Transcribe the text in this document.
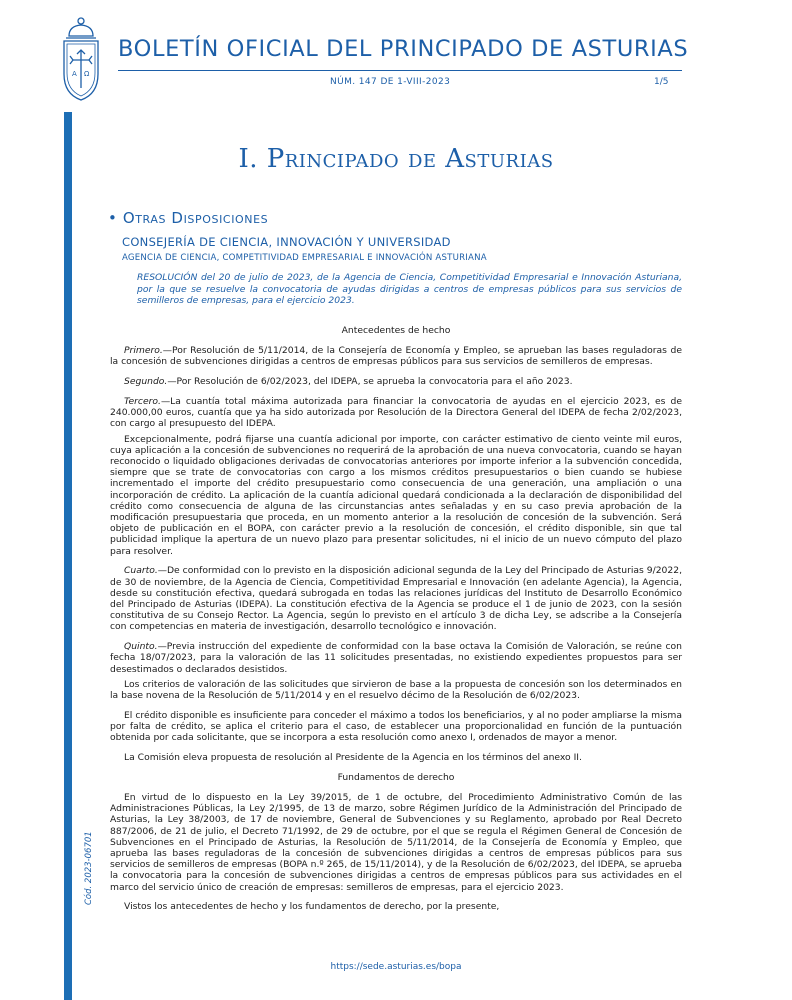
A Ω
Cód. 2023-06701
BOLETÍN OFICIAL DEL PRINCIPADO DE ASTURIAS
NÚM. 147 DE 1-VIII-2023	1/5
I. Principado de Asturias
• Otras Disposiciones
CONSEJERÍA DE CIENCIA, INNOVACIÓN Y UNIVERSIDAD
AGENCIA DE CIENCIA, COMPETITIVIDAD EMPRESARIAL E INNOVACIÓN ASTURIANA
RESOLUCIÓN del 20 de julio de 2023, de la Agencia de Ciencia, Competitividad Empresarial e Innovación Asturiana, por la que se resuelve la convocatoria de ayudas dirigidas a centros de empresas públicos para sus servicios de semilleros de empresas, para el ejercicio 2023.
Antecedentes de hecho

Primero.—Por Resolución de 5/11/2014, de la Consejería de Economía y Empleo, se aprueban las bases reguladoras de la concesión de subvenciones dirigidas a centros de empresas públicos para sus servicios de semilleros de empresas.

Segundo.—Por Resolución de 6/02/2023, del IDEPA, se aprueba la convocatoria para el año 2023.

Tercero.—La cuantía total máxima autorizada para financiar la convocatoria de ayudas en el ejercicio 2023, es de 240.000,00 euros, cuantía que ya ha sido autorizada por Resolución de la Directora General del IDEPA de fecha 2/02/2023, con cargo al presupuesto del IDEPA.

Excepcionalmente, podrá fijarse una cuantía adicional por importe, con carácter estimativo de ciento veinte mil euros, cuya aplicación a la concesión de subvenciones no requerirá de la aprobación de una nueva convocatoria, cuando se hayan reconocido o liquidado obligaciones derivadas de convocatorias anteriores por importe inferior a la subvención concedida, siempre que se trate de convocatorias con cargo a los mismos créditos presupuestarios o bien cuando se hubiese incrementado el importe del crédito presupuestario como consecuencia de una generación, una ampliación o una incorporación de crédito. La aplicación de la cuantía adicional quedará condicionada a la declaración de disponibilidad del crédito como consecuencia de alguna de las circunstancias antes señaladas y en su caso previa aprobación de la modificación presupuestaria que proceda, en un momento anterior a la resolución de concesión de la subvención. Será objeto de publicación en el BOPA, con carácter previo a la resolución de concesión, el crédito disponible, sin que tal publicidad implique la apertura de un nuevo plazo para presentar solicitudes, ni el inicio de un nuevo cómputo del plazo para resolver.

Cuarto.—De conformidad con lo previsto en la disposición adicional segunda de la Ley del Principado de Asturias 9/2022, de 30 de noviembre, de la Agencia de Ciencia, Competitividad Empresarial e Innovación (en adelante Agencia), la Agencia, desde su constitución efectiva, quedará subrogada en todas las relaciones jurídicas del Instituto de Desarrollo Económico del Principado de Asturias (IDEPA). La constitución efectiva de la Agencia se produce el 1 de junio de 2023, con la sesión constitutiva de su Consejo Rector. La Agencia, según lo previsto en el artículo 3 de dicha Ley, se adscribe a la Consejería con competencias en materia de investigación, desarrollo tecnológico e innovación.

Quinto.—Previa instrucción del expediente de conformidad con la base octava la Comisión de Valoración, se reúne con fecha 18/07/2023, para la valoración de las 11 solicitudes presentadas, no existiendo expedientes propuestos para ser desestimados o declarados desistidos.

Los criterios de valoración de las solicitudes que sirvieron de base a la propuesta de concesión son los determinados en la base novena de la Resolución de 5/11/2014 y en el resuelvo décimo de la Resolución de 6/02/2023.

El crédito disponible es insuficiente para conceder el máximo a todos los beneficiarios, y al no poder ampliarse la misma por falta de crédito, se aplica el criterio para el caso, de establecer una proporcionalidad en función de la puntuación obtenida por cada solicitante, que se incorpora a esta resolución como anexo I, ordenados de mayor a menor.

La Comisión eleva propuesta de resolución al Presidente de la Agencia en los términos del anexo II.

Fundamentos de derecho

En virtud de lo dispuesto en la Ley 39/2015, de 1 de octubre, del Procedimiento Administrativo Común de las Administraciones Públicas, la Ley 2/1995, de 13 de marzo, sobre Régimen Jurídico de la Administración del Principado de Asturias, la Ley 38/2003, de 17 de noviembre, General de Subvenciones y su Reglamento, aprobado por Real Decreto 887/2006, de 21 de julio, el Decreto 71/1992, de 29 de octubre, por el que se regula el Régimen General de Concesión de Subvenciones en el Principado de Asturias, la Resolución de 5/11/2014, de la Consejería de Economía y Empleo, que aprueba las bases reguladoras de la concesión de subvenciones dirigidas a centros de empresas públicos para sus servicios de semilleros de empresas (BOPA n.º 265, de 15/11/2014), y de la Resolución de 6/02/2023, del IDEPA, se aprueba la convocatoria para la concesión de subvenciones dirigidas a centros de empresas públicos para sus actividades en el marco del servicio único de creación de empresas: semilleros de empresas, para el ejercicio 2023.

Vistos los antecedentes de hecho y los fundamentos de derecho, por la presente,

https://sede.asturias.es/bopa
